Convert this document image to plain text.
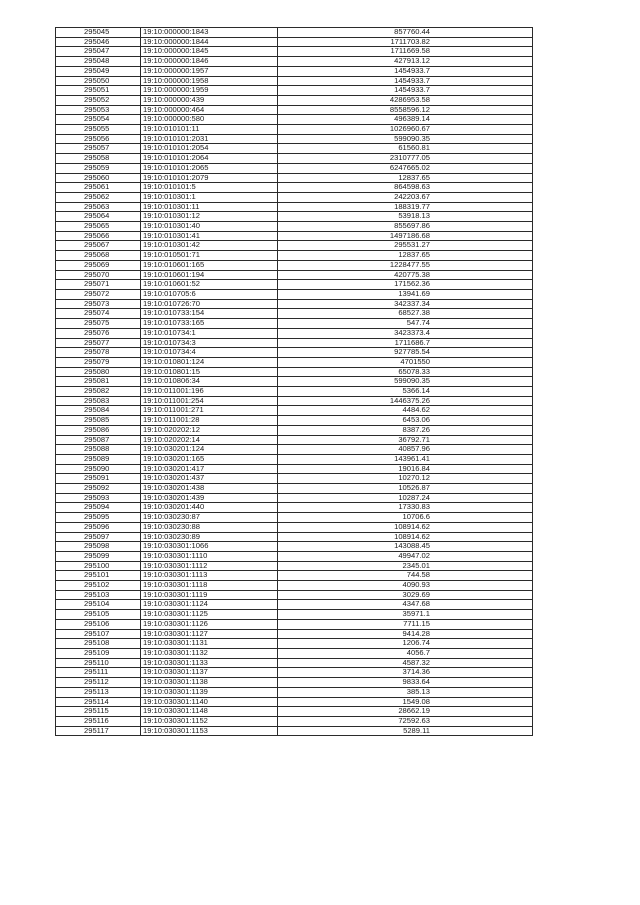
295045	19:10:000000:1843	857760.44
295046	19:10:000000:1844	1711703.82
295047	19:10:000000:1845	1711669.58
295048	19:10:000000:1846	427913.12
295049	19:10:000000:1957	1454933.7
295050	19:10:000000:1958	1454933.7
295051	19:10:000000:1959	1454933.7
295052	19:10:000000:439	4286953.58
295053	19:10:000000:464	8558596.12
295054	19:10:000000:580	496389.14
295055	19:10:010101:11	1026960.67
295056	19:10:010101:2031	599090.35
295057	19:10:010101:2054	61560.81
295058	19:10:010101:2064	2310777.05
295059	19:10:010101:2065	6247665.02
295060	19:10:010101:2079	12837.65
295061	19:10:010101:5	864598.63
295062	19:10:010301:1	242203.67
295063	19:10:010301:11	188319.77
295064	19:10:010301:12	53918.13
295065	19:10:010301:40	855697.86
295066	19:10:010301:41	1497186.68
295067	19:10:010301:42	295531.27
295068	19:10:010501:71	12837.65
295069	19:10:010601:165	1228477.55
295070	19:10:010601:194	420775.38
295071	19:10:010601:52	171562.36
295072	19:10:010705:6	13941.69
295073	19:10:010726:70	342337.34
295074	19:10:010733:154	68527.38
295075	19:10:010733:165	547.74
295076	19:10:010734:1	3423373.4
295077	19:10:010734:3	1711686.7
295078	19:10:010734:4	927785.54
295079	19:10:010801:124	4701550
295080	19:10:010801:15	65078.33
295081	19:10:010806:34	599090.35
295082	19:10:011001:196	5366.14
295083	19:10:011001:254	1446375.26
295084	19:10:011001:271	4484.62
295085	19:10:011001:28	6453.06
295086	19:10:020202:12	8387.26
295087	19:10:020202:14	36792.71
295088	19:10:030201:124	40857.96
295089	19:10:030201:165	143961.41
295090	19:10:030201:417	19016.84
295091	19:10:030201:437	10270.12
295092	19:10:030201:438	10526.87
295093	19:10:030201:439	10287.24
295094	19:10:030201:440	17330.83
295095	19:10:030230:87	10706.6
295096	19:10:030230:88	108914.62
295097	19:10:030230:89	108914.62
295098	19:10:030301:1066	143088.45
295099	19:10:030301:1110	49947.02
295100	19:10:030301:1112	2345.01
295101	19:10:030301:1113	744.58
295102	19:10:030301:1118	4090.93
295103	19:10:030301:1119	3029.69
295104	19:10:030301:1124	4347.68
295105	19:10:030301:1125	35971.1
295106	19:10:030301:1126	7711.15
295107	19:10:030301:1127	9414.28
295108	19:10:030301:1131	1206.74
295109	19:10:030301:1132	4056.7
295110	19:10:030301:1133	4587.32
295111	19:10:030301:1137	3714.36
295112	19:10:030301:1138	9833.64
295113	19:10:030301:1139	385.13
295114	19:10:030301:1140	1549.08
295115	19:10:030301:1148	28662.19
295116	19:10:030301:1152	72592.63
295117	19:10:030301:1153	5289.11
